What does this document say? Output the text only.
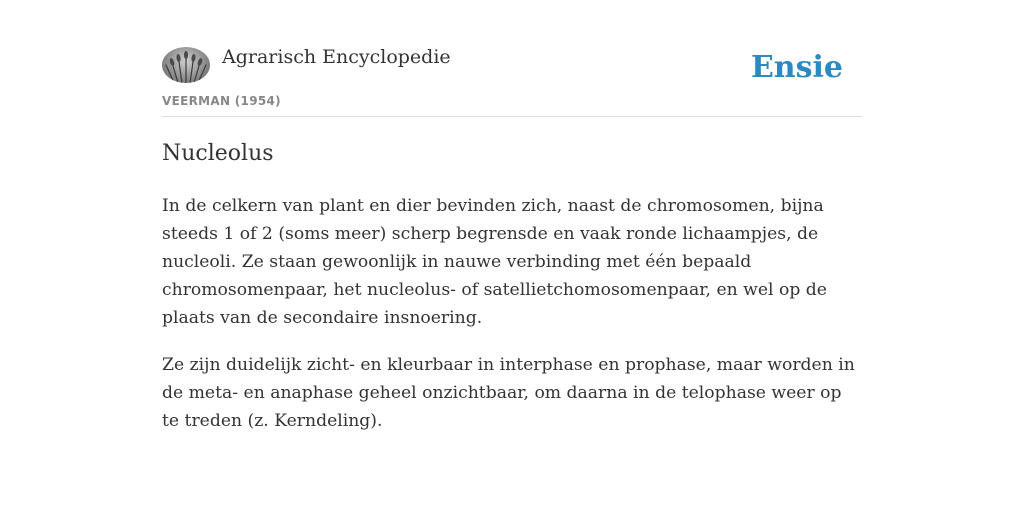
Agrarisch Encyclopedie
VEERMAN (1954)
Ensie
Nucleolus

In de celkern van plant en dier bevinden zich, naast de chromosomen, bijna steeds 1 of 2 (soms meer) scherp begrensde en vaak ronde lichaampjes, de nucleoli. Ze staan gewoonlijk in nauwe verbinding met één bepaald chromosomenpaar, het nucleolus- of satellietchomosomenpaar, en wel op de plaats van de secondaire insnoering.

Ze zijn duidelijk zicht- en kleurbaar in interphase en prophase, maar worden in de meta- en anaphase geheel onzichtbaar, om daarna in de telophase weer op te treden (z. Kerndeling).
